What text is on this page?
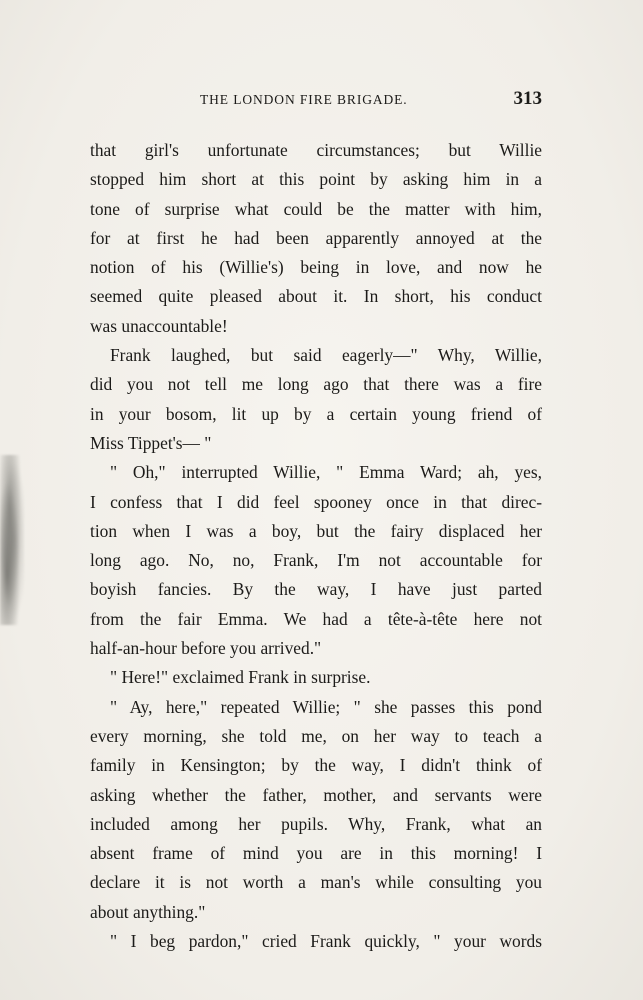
THE LONDON FIRE BRIGADE.	313
that girl's unfortunate circumstances; but Willie
stopped him short at this point by asking him in a
tone of surprise what could be the matter with him,
for at first he had been apparently annoyed at the
notion of his (Willie's) being in love, and now he
seemed quite pleased about it. In short, his conduct
was unaccountable!
Frank laughed, but said eagerly—" Why, Willie,
did you not tell me long ago that there was a fire
in your bosom, lit up by a certain young friend of
Miss Tippet's— "
" Oh," interrupted Willie, " Emma Ward; ah, yes,
I confess that I did feel spooney once in that direc-
tion when I was a boy, but the fairy displaced her
long ago. No, no, Frank, I'm not accountable for
boyish fancies. By the way, I have just parted
from the fair Emma. We had a tête-à-tête here not
half-an-hour before you arrived."
" Here!" exclaimed Frank in surprise.
" Ay, here," repeated Willie; " she passes this pond
every morning, she told me, on her way to teach a
family in Kensington; by the way, I didn't think of
asking whether the father, mother, and servants were
included among her pupils. Why, Frank, what an
absent frame of mind you are in this morning! I
declare it is not worth a man's while consulting you
about anything."
" I beg pardon," cried Frank quickly, " your words
